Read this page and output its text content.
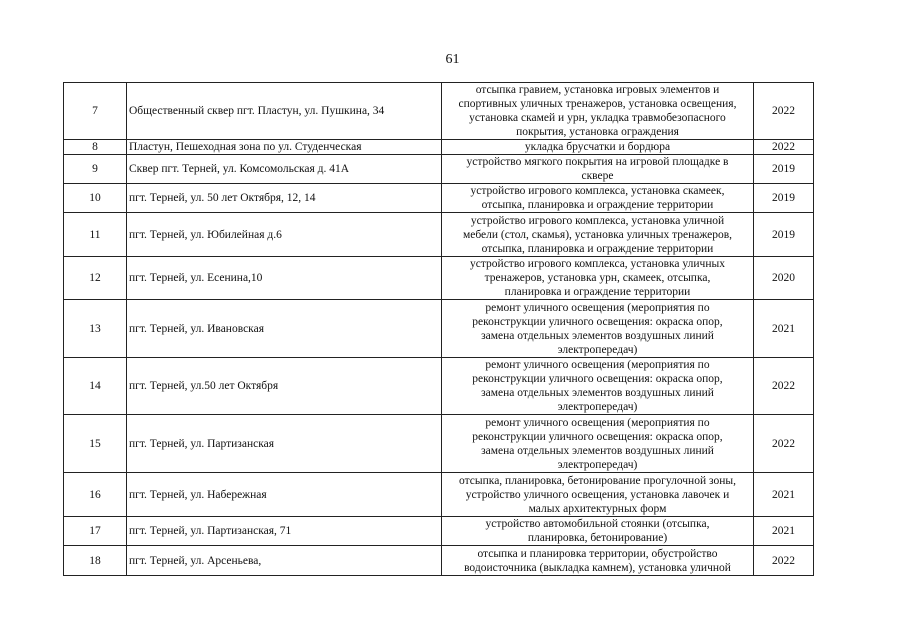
61
7	Общественный сквер пгт. Пластун, ул. Пушкина, 34	отсыпка гравием, установка игровых элементов и
спортивных уличных тренажеров, установка освещения,
установка скамей и урн, укладка травмобезопасного
покрытия, установка ограждения	2022
8	Пластун, Пешеходная зона по ул. Студенческая	укладка брусчатки и бордюра	2022
9	Сквер пгт. Терней, ул. Комсомольская д. 41А	устройство мягкого покрытия на игровой площадке в
сквере	2019
10	пгт. Терней, ул. 50 лет Октября, 12, 14	устройство игрового комплекса, установка скамеек,
отсыпка, планировка и ограждение территории	2019
11	пгт. Терней, ул. Юбилейная д.6	устройство игрового комплекса, установка уличной
мебели (стол, скамья), установка уличных тренажеров,
отсыпка, планировка и ограждение территории	2019
12	пгт. Терней, ул. Есенина,10	устройство игрового комплекса, установка уличных
тренажеров, установка урн, скамеек, отсыпка,
планировка и ограждение территории	2020
13	пгт. Терней, ул. Ивановская	ремонт уличного освещения (мероприятия по
реконструкции уличного освещения: окраска опор,
замена отдельных элементов воздушных линий
электропередач)	2021
14	пгт. Терней, ул.50 лет Октября	ремонт уличного освещения (мероприятия по
реконструкции уличного освещения: окраска опор,
замена отдельных элементов воздушных линий
электропередач)	2022
15	пгт. Терней, ул. Партизанская	ремонт уличного освещения (мероприятия по
реконструкции уличного освещения: окраска опор,
замена отдельных элементов воздушных линий
электропередач)	2022
16	пгт. Терней, ул. Набережная	отсыпка, планировка, бетонирование прогулочной зоны,
устройство уличного освещения, установка лавочек и
малых архитектурных форм	2021
17	пгт. Терней, ул. Партизанская, 71	устройство автомобильной стоянки (отсыпка,
планировка, бетонирование)	2021
18	пгт. Терней, ул. Арсеньева,	отсыпка и планировка территории, обустройство
водоисточника (выкладка камнем), установка уличной	2022
